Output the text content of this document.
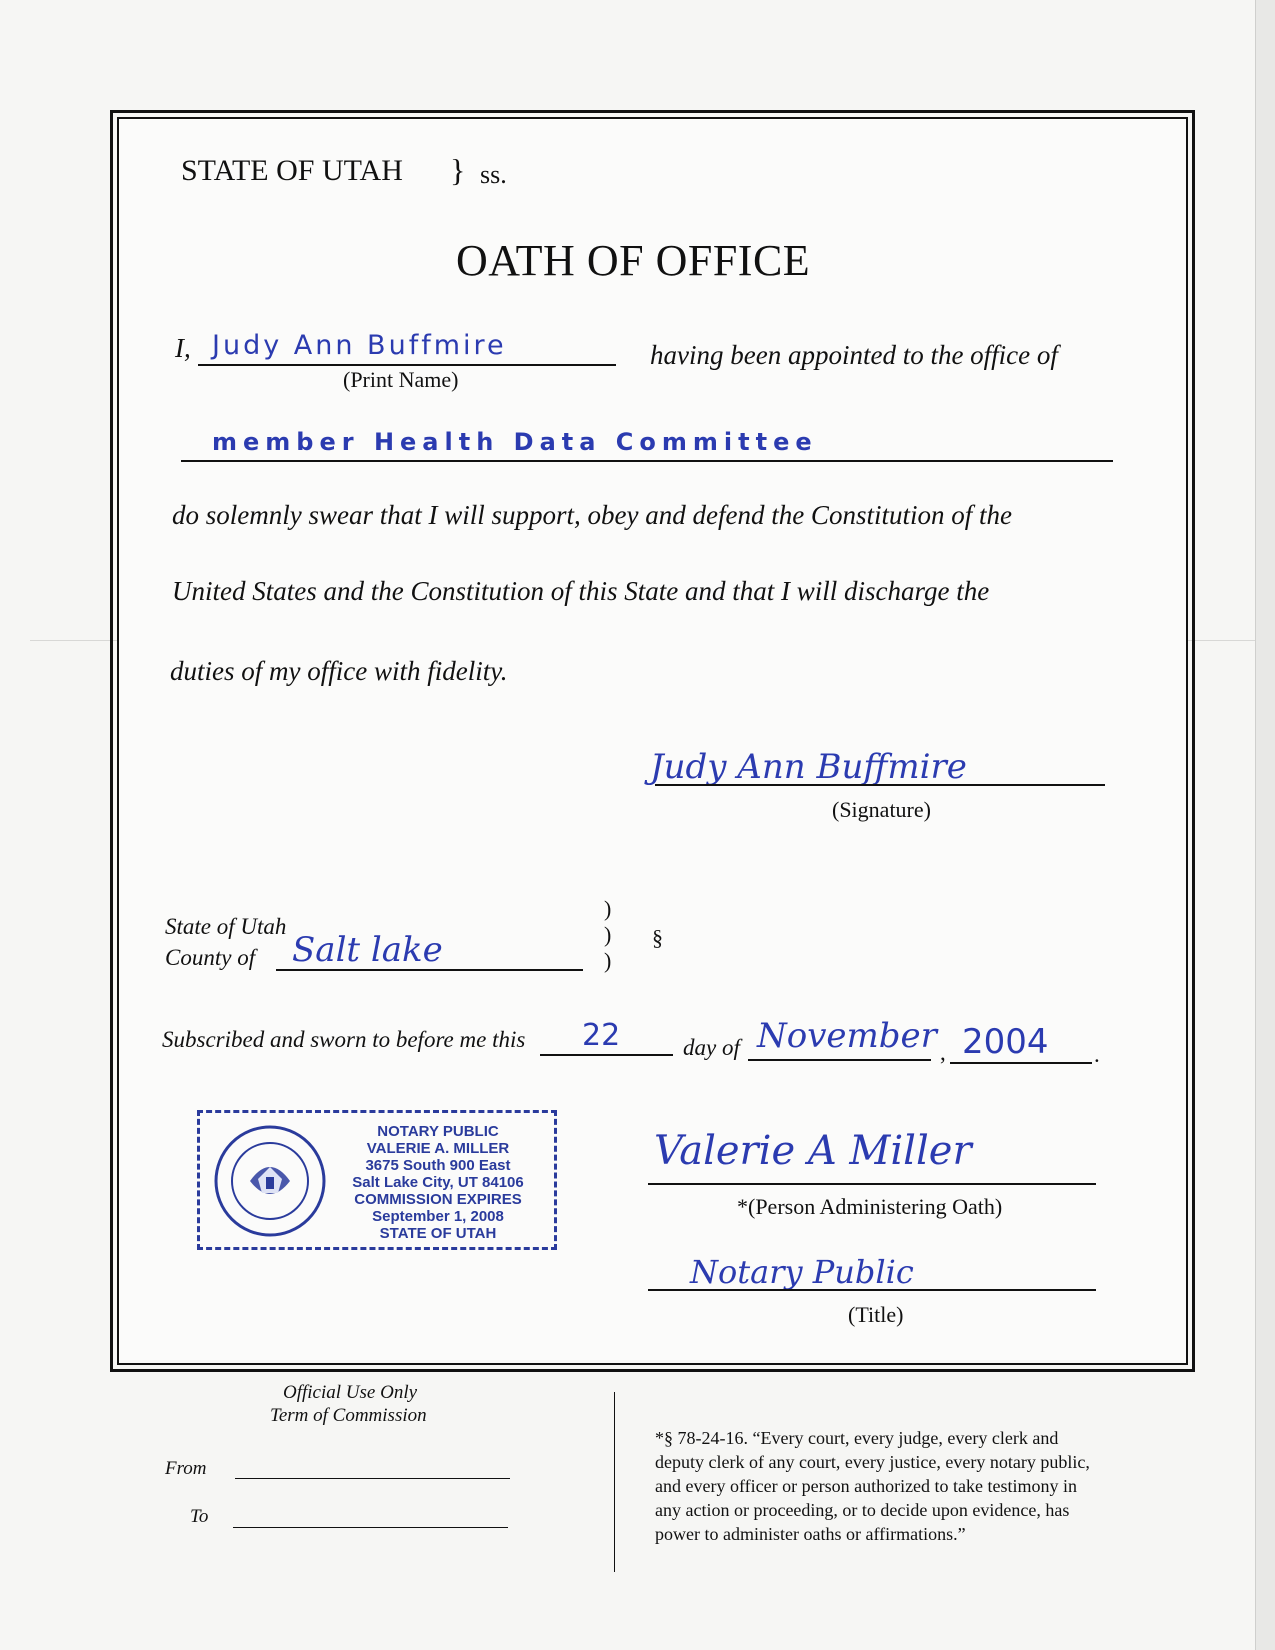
STATE OF UTAH } ss.
OATH OF OFFICE
I, Judy Ann Buffmire
(Print Name)
having been appointed to the office of
member Health Data Committee
do solemnly swear that I will support, obey and defend the Constitution of the
United States and the Constitution of this State and that I will discharge the
duties of my office with fidelity.
Judy Ann Buffmire
(Signature)
State of Utah
County of Salt lake
)
)
)
§
Subscribed and sworn to before me this 22	day of November , 2004 .
NOTARY PUBLIC
VALERIE A. MILLER
3675 South 900 East
Salt Lake City, UT 84106
COMMISSION EXPIRES
September 1, 2008
STATE OF UTAH
Valerie A Miller
*(Person Administering Oath)
Notary Public
(Title)
Official Use Only
Term of Commission
From
To
*§ 78-24-16. “Every court, every judge, every clerk and
deputy clerk of any court, every justice, every notary public,
and every officer or person authorized to take testimony in
any action or proceeding, or to decide upon evidence, has
power to administer oaths or affirmations.”
